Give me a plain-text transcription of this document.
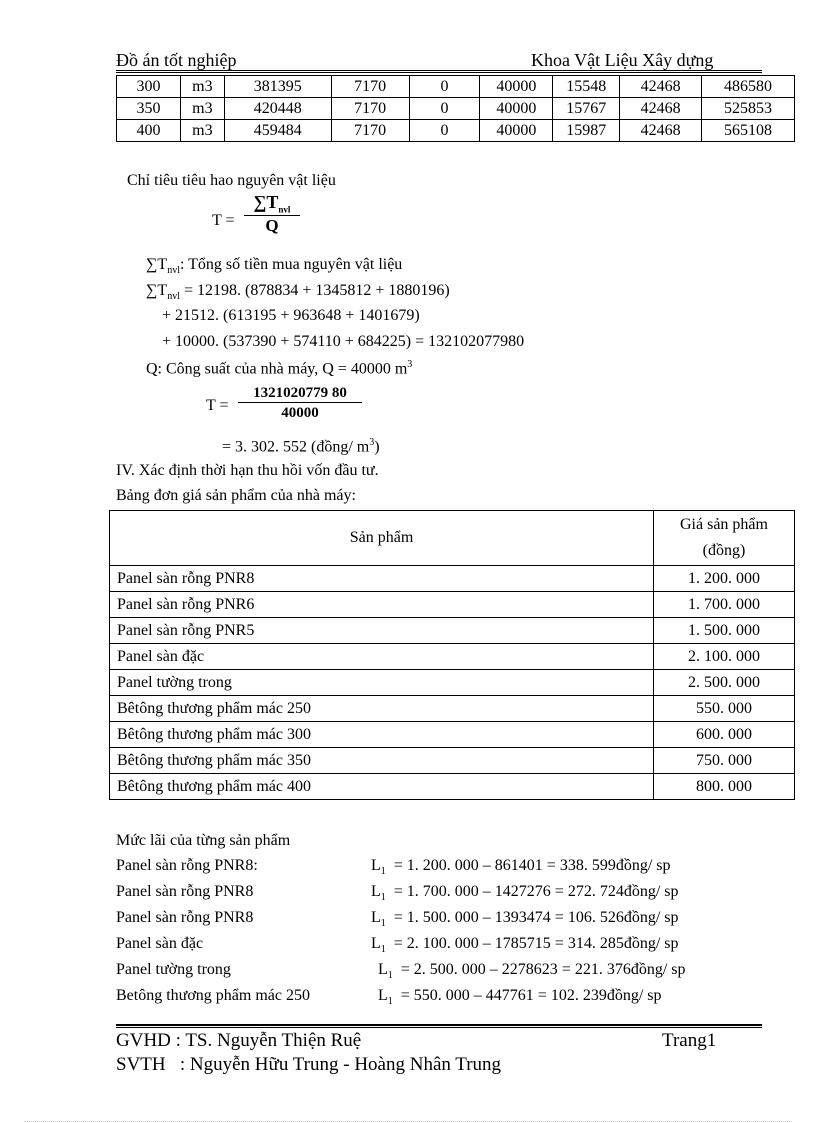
Đồ án tốt nghiệp	Khoa Vật Liệu Xây dựng
300	m3	381395	7170	0	40000	15548	42468	486580
350	m3	420448	7170	0	40000	15767	42468	525853
400	m3	459484	7170	0	40000	15987	42468	565108
Chỉ tiêu tiêu hao nguyên vật liệu
T =
$\sum T_{nvl}$
Q
$\sum T_{nvl}$: Tổng số tiền mua nguyên vật liệu
$\sum T_{nvl} = 12198$. (878834 + 1345812 + 1880196)
+ 21512. (613195 + 963648 + 1401679)
+ 10000. (537390 + 574110 + 684225) = 132102077980
Q: Công suất của nhà máy, Q = 40000 $m^3$
$T = \frac{1321020779 80}{40000}$
= 3. 302. 552 (đồng/ $m^3$)
IV. Xác định thời hạn thu hồi vốn đầu tư.
Bảng đơn giá sản phẩm của nhà máy:
Sản phẩm	Giá sản phẩm
(đồng)

Panel sàn rỗng PNR8	1. 200. 000
Panel sàn rỗng PNR6	1. 700. 000
Panel sàn rỗng PNR5	1. 500. 000
Panel sàn đặc	2. 100. 000
Panel tường trong	2. 500. 000
Bêtông thương phẩm mác 250	550. 000
Bêtông thương phẩm mác 300	600. 000
Bêtông thương phẩm mác 350	750. 000
Bêtông thương phẩm mác 400	800. 000
Mức lãi của từng sản phẩm
Panel sàn rỗng PNR8:	$L_1 = 1$. 200. 000 – 861401 = 338. 599đồng/ sp
Panel sàn rỗng PNR8	$L_1 = 1$. 700. 000 – 1427276 = 272. 724đồng/ sp
Panel sàn rỗng PNR8	$L_1 = 1$. 500. 000 – 1393474 = 106. 526đồng/ sp
Panel sàn đặc	$L_1 = 2$. 100. 000 – 1785715 = 314. 285đồng/ sp
Panel tường trong	$L_1 = 2$. 500. 000 – 2278623 = 221. 376đồng/ sp
Betông thương phẩm mác 250	$L_1 = 550$. 000 – 447761 = 102. 239đồng/ sp
GVHD : TS. Nguyễn Thiện Ruệ	Trang1
SVTH   : Nguyễn Hữu Trung - Hoàng Nhân Trung
